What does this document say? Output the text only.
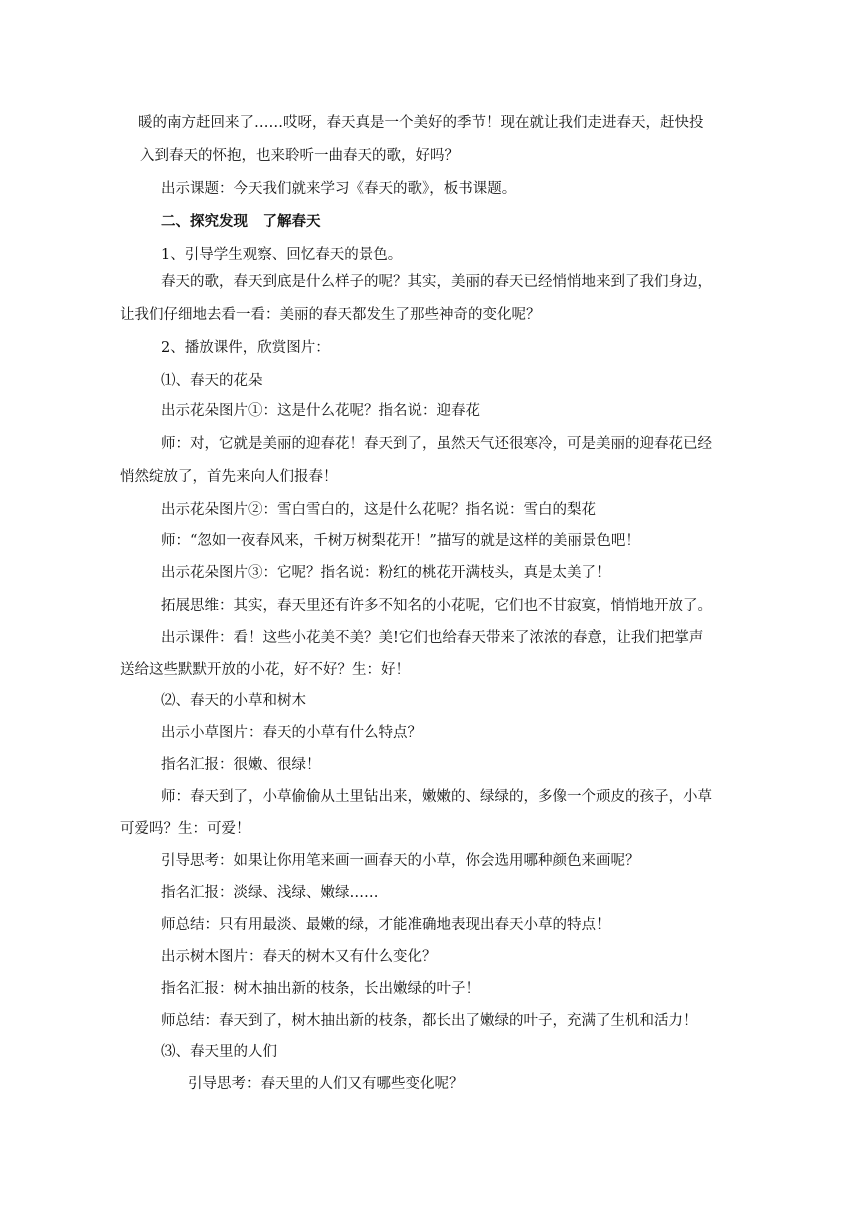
暖的南方赶回来了……哎呀，春天真是一个美好的季节！现在就让我们走进春天，赶快投
入到春天的怀抱，也来聆听一曲春天的歌，好吗？
出示课题：今天我们就来学习《春天的歌》，板书课题。
二、探究发现　了解春天
1、引导学生观察、回忆春天的景色。
春天的歌，春天到底是什么样子的呢？其实，美丽的春天已经悄悄地来到了我们身边，
让我们仔细地去看一看：美丽的春天都发生了那些神奇的变化呢？
2、播放课件，欣赏图片：
⑴、春天的花朵
出示花朵图片①：这是什么花呢？指名说：迎春花
师：对，它就是美丽的迎春花！春天到了，虽然天气还很寒冷，可是美丽的迎春花已经
悄然绽放了，首先来向人们报春！
出示花朵图片②：雪白雪白的，这是什么花呢？指名说：雪白的梨花
师：“忽如一夜春风来，千树万树梨花开！”描写的就是这样的美丽景色吧！
出示花朵图片③：它呢？指名说：粉红的桃花开满枝头，真是太美了！
拓展思维：其实，春天里还有许多不知名的小花呢，它们也不甘寂寞，悄悄地开放了。
出示课件：看！这些小花美不美？美!它们也给春天带来了浓浓的春意，让我们把掌声
送给这些默默开放的小花，好不好？生：好！
⑵、春天的小草和树木
出示小草图片：春天的小草有什么特点？
指名汇报：很嫩、很绿！
师：春天到了，小草偷偷从土里钻出来，嫩嫩的、绿绿的，多像一个顽皮的孩子，小草
可爱吗？生：可爱！
引导思考：如果让你用笔来画一画春天的小草，你会选用哪种颜色来画呢？
指名汇报：淡绿、浅绿、嫩绿……
师总结：只有用最淡、最嫩的绿，才能准确地表现出春天小草的特点！
出示树木图片：春天的树木又有什么变化？
指名汇报：树木抽出新的枝条，长出嫩绿的叶子！
师总结：春天到了，树木抽出新的枝条，都长出了嫩绿的叶子，充满了生机和活力！
⑶、春天里的人们
引导思考：春天里的人们又有哪些变化呢？
